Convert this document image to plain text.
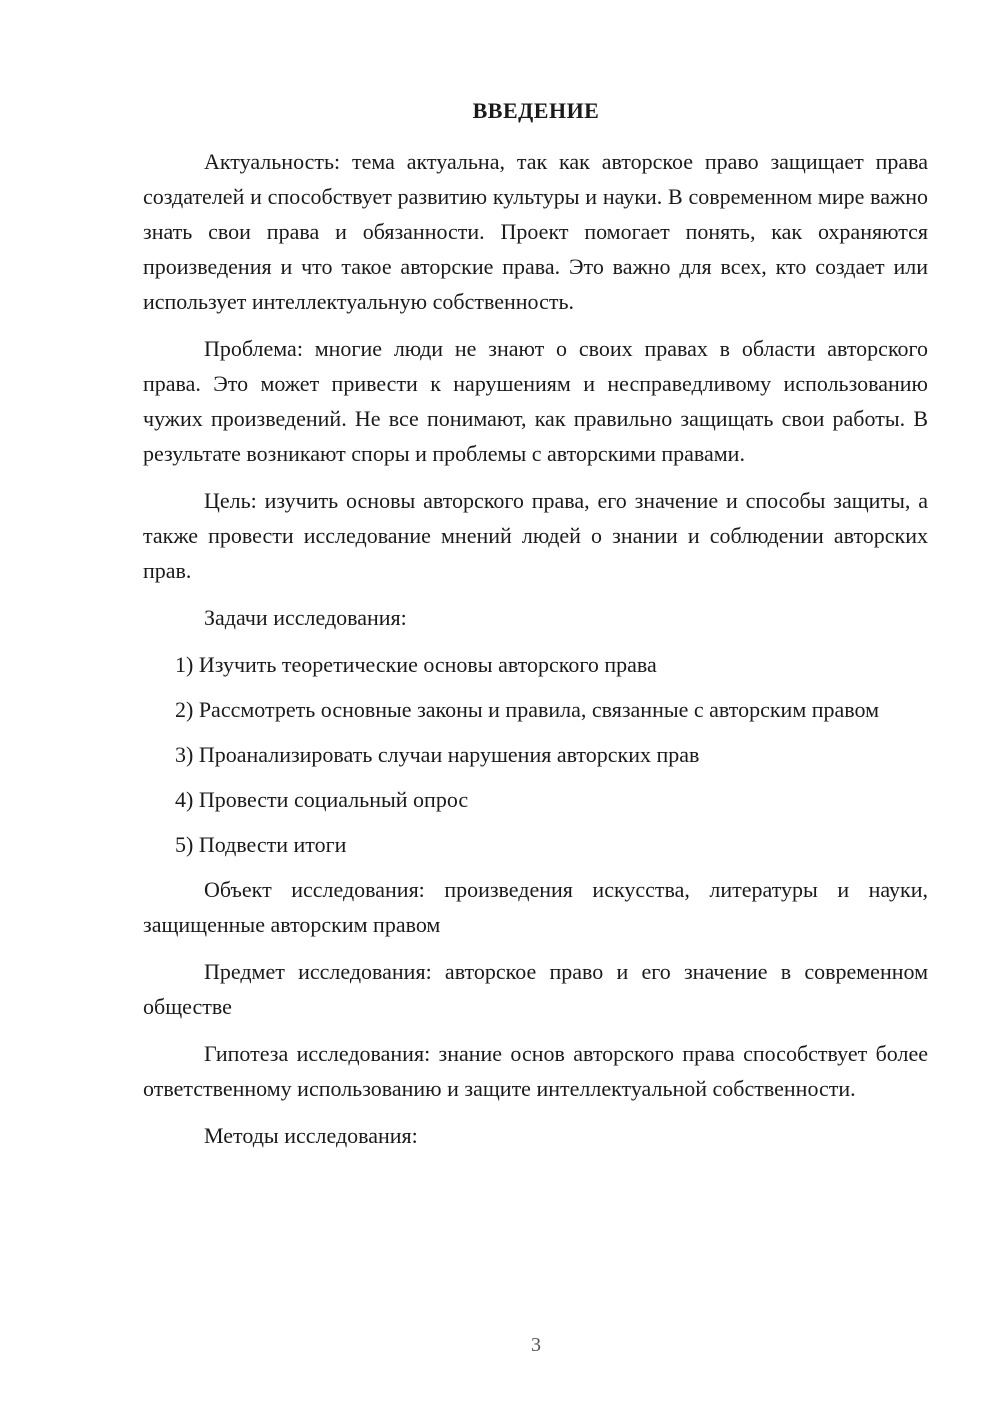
ВВЕДЕНИЕ

Актуальность: тема актуальна, так как авторское право защищает права создателей и способствует развитию культуры и науки. В современном мире важно знать свои права и обязанности. Проект помогает понять, как охраняются произведения и что такое авторские права. Это важно для всех, кто создает или использует интеллектуальную собственность.

Проблема: многие люди не знают о своих правах в области авторского права. Это может привести к нарушениям и несправедливому использованию чужих произведений. Не все понимают, как правильно защищать свои работы. В результате возникают споры и проблемы с авторскими правами.

Цель: изучить основы авторского права, его значение и способы защиты, а также провести исследование мнений людей о знании и соблюдении авторских прав.

Задачи исследования:

1) Изучить теоретические основы авторского права

2) Рассмотреть основные законы и правила, связанные с авторским правом

3) Проанализировать случаи нарушения авторских прав

4) Провести социальный опрос

5) Подвести итоги

Объект исследования: произведения искусства, литературы и науки, защищенные авторским правом

Предмет исследования: авторское право и его значение в современном обществе

Гипотеза исследования: знание основ авторского права способствует более ответственному использованию и защите интеллектуальной собственности.

Методы исследования:

3
